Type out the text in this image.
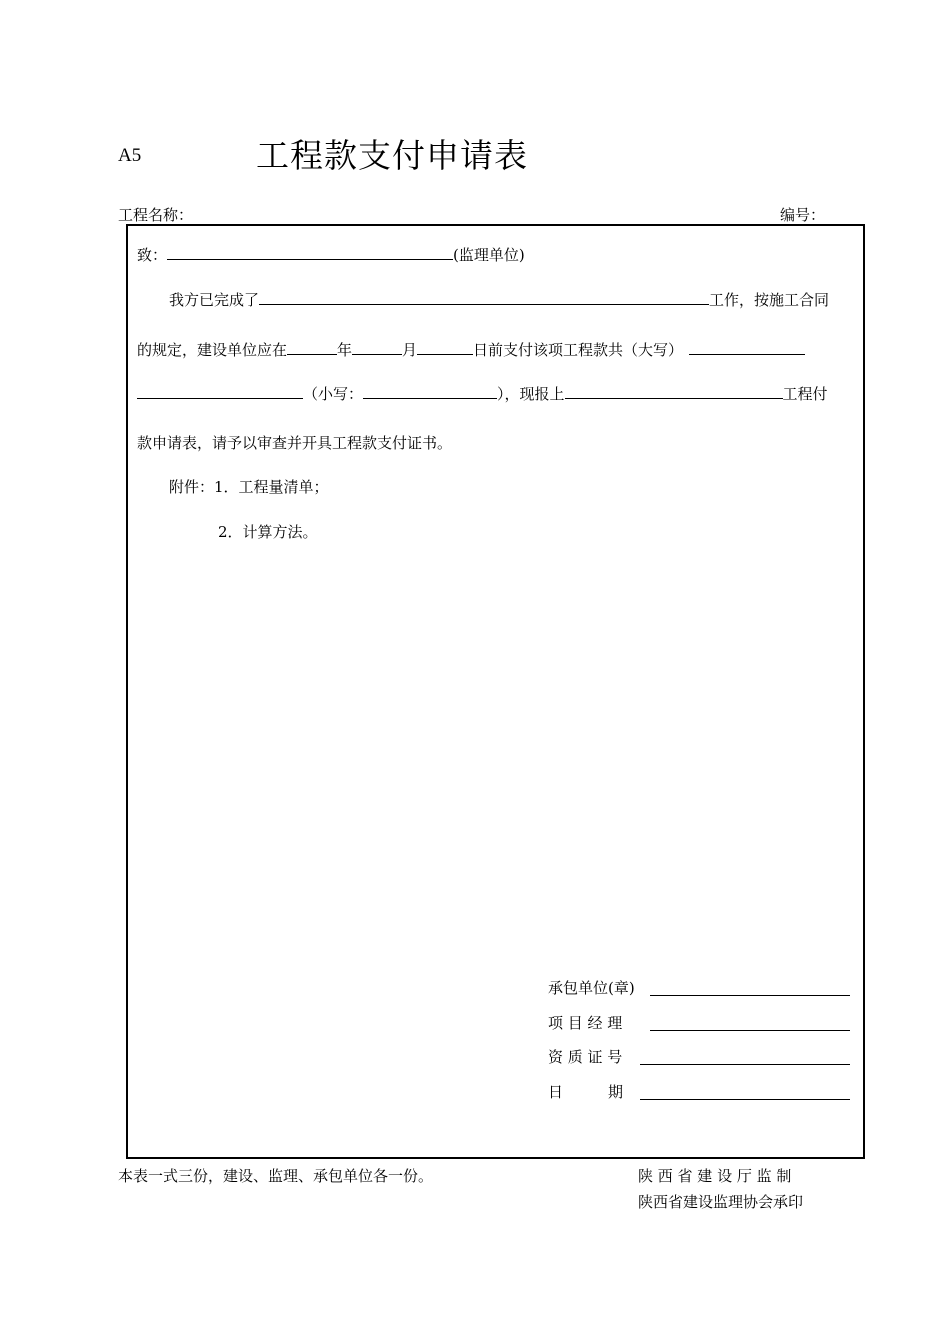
A5	工程款支付申请表
工程名称：	编号：
致：	(监理单位)
我方已完成了	工作，按施工合同
的规定，建设单位应在	年	月	日前支付该项工程款共（大写）
（小写：	），现报上	工程付
款申请表，请予以审查并开具工程款支付证书。
附件：1．工程量清单；
2．计算方法。
承包单位(章)
项 目 经 理
资 质 证 号
日　　　期
本表一式三份，建设、监理、承包单位各一份。	陕 西 省 建 设 厅 监 制
陕西省建设监理协会承印
